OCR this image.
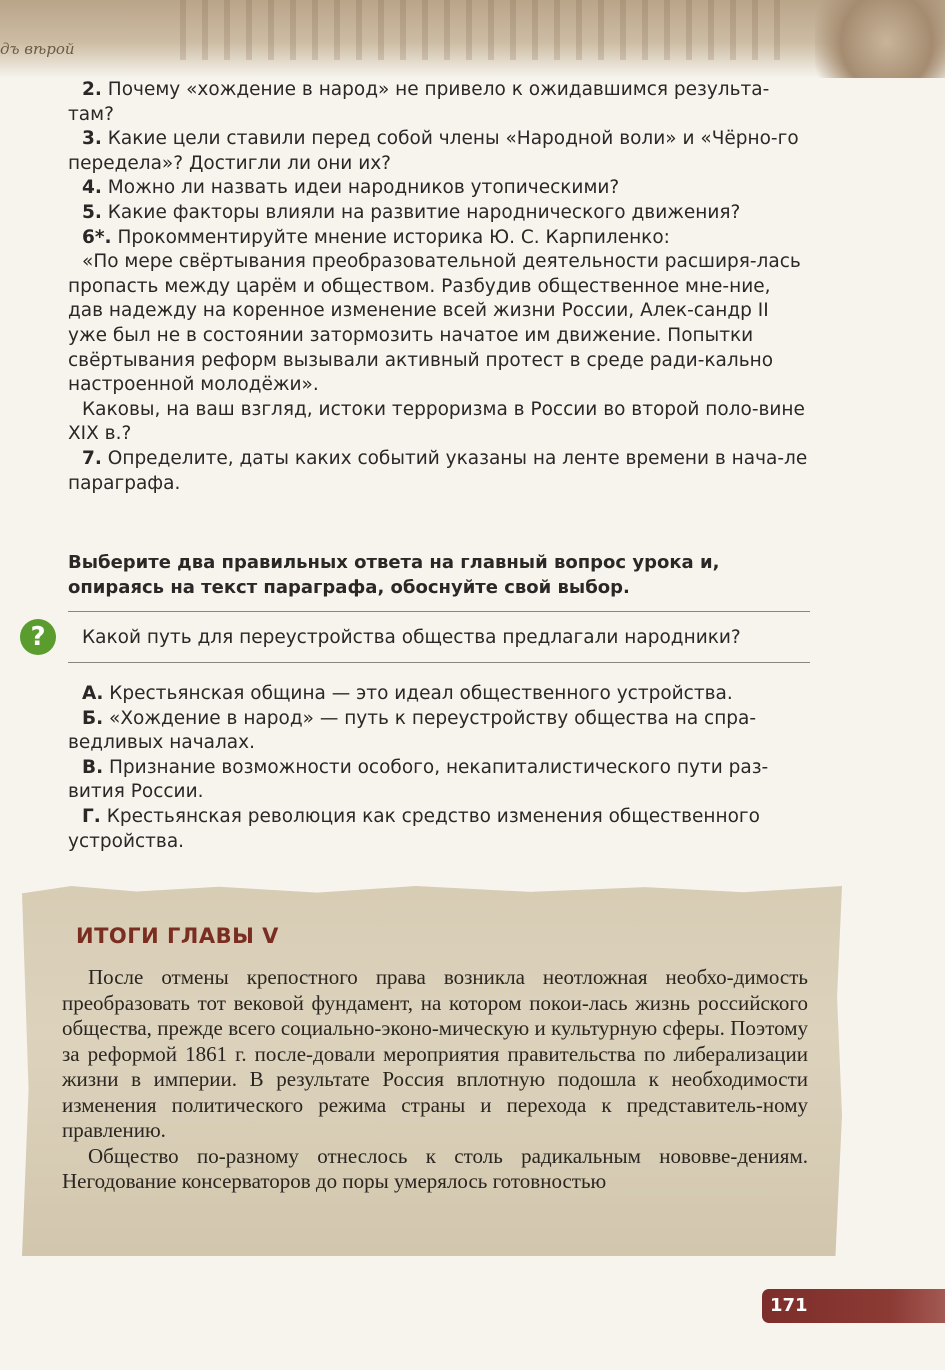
дъ вѣрой

2. Почему «хождение в народ» не привело к ожидавшимся результа-там?

3. Какие цели ставили перед собой члены «Народной воли» и «Чёрно-го передела»? Достигли ли они их?

4. Можно ли назвать идеи народников утопическими?

5. Какие факторы влияли на развитие народнического движения?

6*. Прокомментируйте мнение историка Ю. С. Карпиленко:

«По мере свёртывания преобразовательной деятельности расширя-лась пропасть между царём и обществом. Разбудив общественное мне-ние, дав надежду на коренное изменение всей жизни России, Алек-сандр II уже был не в состоянии затормозить начатое им движение. Попытки свёртывания реформ вызывали активный протест в среде ради-кально настроенной молодёжи».

Каковы, на ваш взгляд, истоки терроризма в России во второй поло-вине XIX в.?

7. Определите, даты каких событий указаны на ленте времени в нача-ле параграфа.

Выберите два правильных ответа на главный вопрос урока и, опираясь на текст параграфа, обоснуйте свой выбор.
?	Какой путь для переустройства общества предлагали народники?

А. Крестьянская община — это идеал общественного устройства.

Б. «Хождение в народ» — путь к переустройству общества на спра-ведливых началах.

В. Признание возможности особого, некапиталистического пути раз-вития России.

Г. Крестьянская революция как средство изменения общественного устройства.

ИТОГИ ГЛАВЫ V

После отмены крепостного права возникла неотложная необхо-димость преобразовать тот вековой фундамент, на котором покои-лась жизнь российского общества, прежде всего социально-эконо-мическую и культурную сферы. Поэтому за реформой 1861 г. после-довали мероприятия правительства по либерализации жизни в империи. В результате Россия вплотную подошла к необходимости изменения политического режима страны и перехода к представитель-ному правлению.

Общество по-разному отнеслось к столь радикальным нововве-дениям. Негодование консерваторов до поры умерялось готовностью

171
